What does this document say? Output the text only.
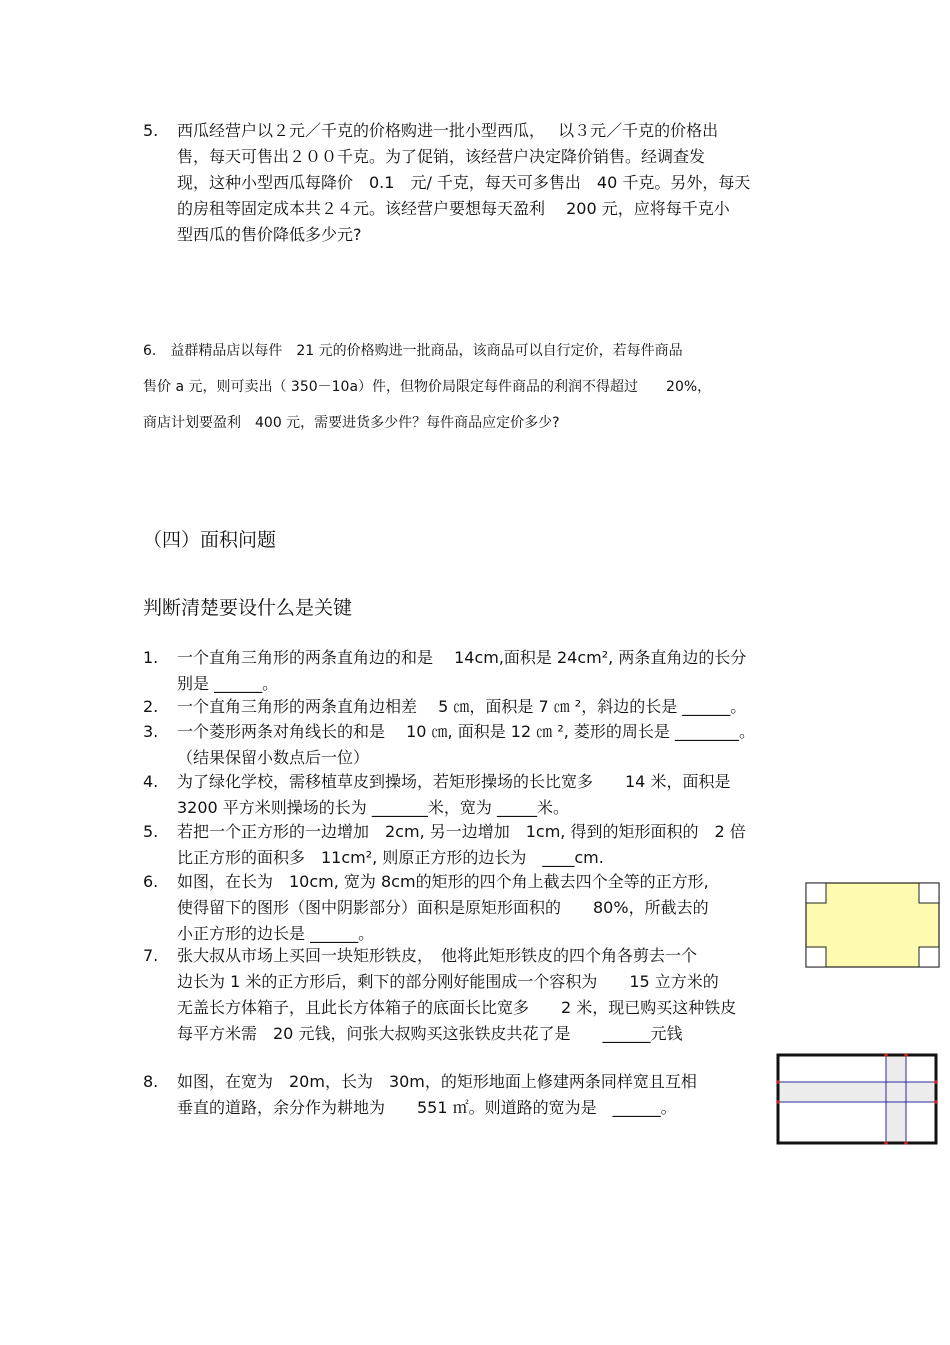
5. 西瓜经营户以２元／千克的价格购进一批小型西瓜，　 以３元／千克的价格出
售，每天可售出２００千克。为了促销，该经营户决定降价销售。经调查发
现，这种小型西瓜每降价　0.1　元/ 千克，每天可多售出　40 千克。另外，每天
的房租等固定成本共２４元。该经营户要想每天盈利　 200 元，应将每千克小
型西瓜的售价降低多少元?
6.　益群精品店以每件　21 元的价格购进一批商品，该商品可以自行定价，若每件商品
售价 a 元，则可卖出（ 350－10a）件，但物价局限定每件商品的利润不得超过　　20%，
商店计划要盈利　400 元，需要进货多少件？每件商品应定价多少?
（四）面积问题
判断清楚要设什么是关键
1. 一个直角三角形的两条直角边的和是　 14cm,面积是 24cm², 两条直角边的长分
别是 ______。
2. 一个直角三角形的两条直角边相差　 5 ㎝，面积是 7 ㎝ ²，斜边的长是 ______。
3. 一个菱形两条对角线长的和是　 10 ㎝, 面积是 12 ㎝ ², 菱形的周长是 ________。
（结果保留小数点后一位）
4. 为了绿化学校，需移植草皮到操场，若矩形操场的长比宽多　　14 米，面积是
3200 平方米则操场的长为 _______米，宽为 _____米。
5. 若把一个正方形的一边增加　2cm, 另一边增加　1cm, 得到的矩形面积的　2 倍
比正方形的面积多　11cm², 则原正方形的边长为　____cm.
6. 如图，在长为　10cm, 宽为 8cm的矩形的四个角上截去四个全等的正方形,
使得留下的图形（图中阴影部分）面积是原矩形面积的　　80%，所截去的
小正方形的边长是 ______。
7. 张大叔从市场上买回一块矩形铁皮，　他将此矩形铁皮的四个角各剪去一个
边长为 1 米的正方形后，剩下的部分刚好能围成一个容积为　　15 立方米的
无盖长方体箱子，且此长方体箱子的底面长比宽多　　2 米，现已购买这种铁皮
每平方米需　20 元钱，问张大叔购买这张铁皮共花了是　　______元钱
8. 如图，在宽为　20m，长为　30m，的矩形地面上修建两条同样宽且互相
垂直的道路，余分作为耕地为　　551 ㎡。则道路的宽为是　______。
